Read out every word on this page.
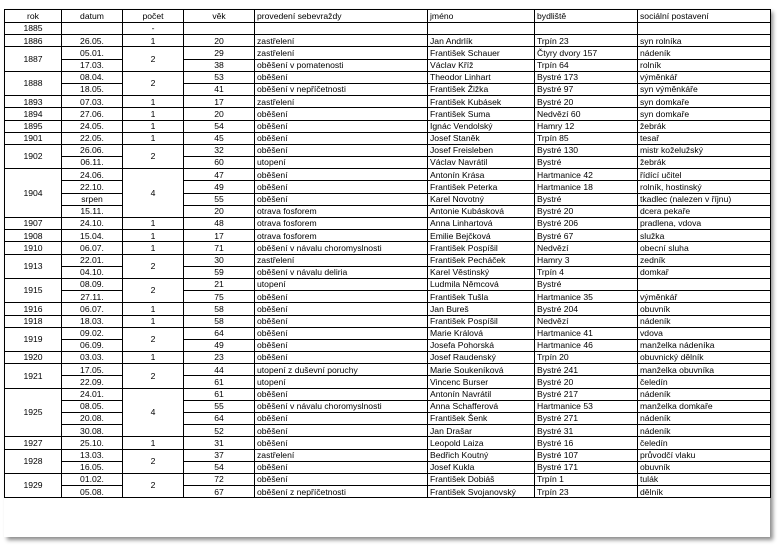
rok	datum	počet	věk	provedení sebevraždy	jméno	bydliště	sociální postavení
1885		-					
1886	26.05.	1	20	zastřelení	Jan Andrlík	Trpín 23	syn rolníka
1887	05.01.	2	29	zastřelení	František Schauer	Čtyry dvory 157	nádeník
	17.03.		38	oběšení v pomatenosti	Václav Kříž	Trpín 64	rolník
1888	08.04.	2	53	oběšení	Theodor Linhart	Bystré 173	výměnkář
	18.05.		41	oběšení v nepříčetnosti	František Žižka	Bystré 97	syn výměnkáře
1893	07.03.	1	17	zastřelení	František Kubásek	Bystré 20	syn domkaře
1894	27.06.	1	20	oběšení	František Suma	Nedvězí 60	syn domkaře
1895	24.05.	1	54	oběšení	Ignác Vendolský	Hamry 12	žebrák
1901	22.05.	1	45	oběšení	Josef Staněk	Trpín 85	tesař
1902	26.06.	2	32	oběšení	Josef Freisleben	Bystré 130	mistr koželužský
	06.11.		60	utopení	Václav Navrátil	Bystré	žebrák
1904	24.06.	4	47	oběšení	Antonín Krása	Hartmanice 42	řídící učitel
	22.10.		49	oběšení	František Peterka	Hartmanice 18	rolník, hostinský
	srpen		55	oběšení	Karel Novotný	Bystré	tkadlec (nalezen v říjnu)
	15.11.		20	otrava fosforem	Antonie Kubásková	Bystré 20	dcera pekaře
1907	24.10.	1	48	otrava fosforem	Anna Linhartová	Bystré 206	pradlena, vdova
1908	15.04.	1	17	otrava fosforem	Emilie Bejčková	Bystré 67	služka
1910	06.07.	1	71	oběšení v návalu choromyslnosti	František Pospíšil	Nedvězí	obecní sluha
1913	22.01.	2	30	zastřelení	František Pecháček	Hamry 3	zedník
	04.10.		59	oběšení v návalu deliria	Karel Věstinský	Trpín 4	domkař
1915	08.09.	2	21	utopení	Ludmila Němcová	Bystré	
	27.11.		75	oběšení	František Tušla	Hartmanice 35	výměnkář
1916	06.07.	1	58	oběšení	Jan Bureš	Bystré 204	obuvník
1918	18.03.	1	58	oběšení	František Pospíšil	Nedvězí	nádeník
1919	09.02.	2	64	oběšení	Marie Králová	Hartmanice 41	vdova
	06.09.		49	oběšení	Josefa Pohorská	Hartmanice 46	manželka nádeníka
1920	03.03.	1	23	oběšení	Josef Raudenský	Trpín 20	obuvnický dělník
1921	17.05.	2	44	utopení z duševní poruchy	Marie Soukeníková	Bystré 241	manželka obuvníka
	22.09.		61	utopení	Vincenc Burser	Bystré 20	čeledín
1925	24.01.	4	61	oběšení	Antonín Navrátil	Bystré 217	nádeník
	08.05.		55	oběšení v návalu choromyslnosti	Anna Schafferová	Hartmanice 53	manželka domkaře
	20.08.		64	oběšení	František Šenk	Bystré 271	nádeník
	30.08.		52	oběšení	Jan Drašar	Bystré 31	nádeník
1927	25.10.	1	31	oběšení	Leopold Laiza	Bystré 16	čeledín
1928	13.03.	2	37	zastřelení	Bedřich Koutný	Bystré 107	průvodčí vlaku
	16.05.		54	oběšení	Josef Kukla	Bystré 171	obuvník
1929	01.02.	2	72	oběšení	František Dobiáš	Trpín 1	tulák
	05.08.		67	oběšení z nepříčetnosti	František Svojanovský	Trpín 23	dělník
